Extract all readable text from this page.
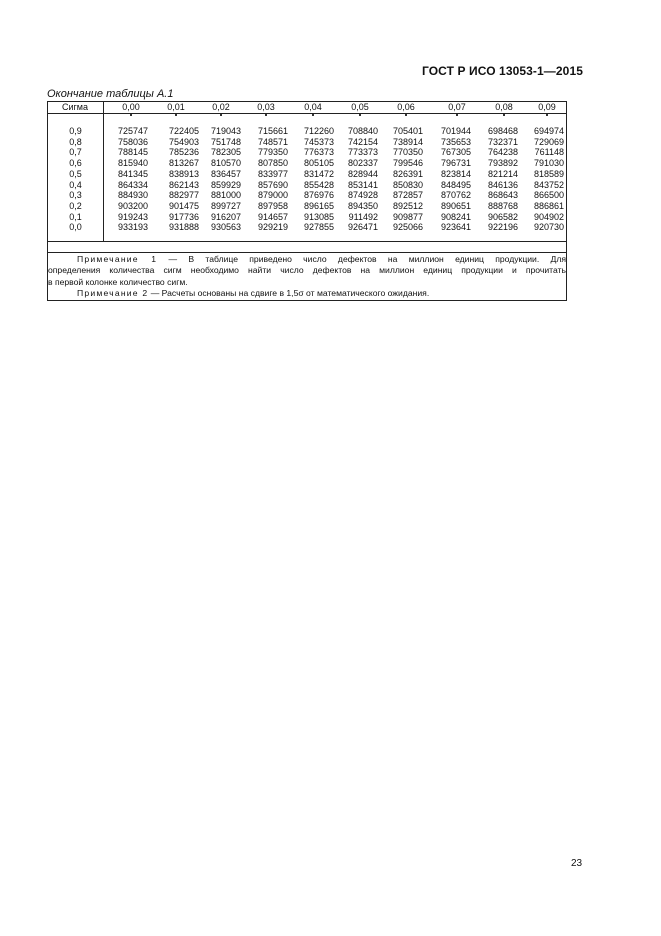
ГОСТ Р ИСО 13053-1—2015
Окончание таблицы А.1
Сигма	0,00	0,01	0,02	0,03	0,04	0,05	0,06	0,07	0,08	0,09
0,9	725747	722405	719043	715661	712260	708840	705401	701944	698468	694974
0,8	758036	754903	751748	748571	745373	742154	738914	735653	732371	729069
0,7	788145	785236	782305	779350	776373	773373	770350	767305	764238	761148
0,6	815940	813267	810570	807850	805105	802337	799546	796731	793892	791030
0,5	841345	838913	836457	833977	831472	828944	826391	823814	821214	818589
0,4	864334	862143	859929	857690	855428	853141	850830	848495	846136	843752
0,3	884930	882977	881000	879000	876976	874928	872857	870762	868643	866500
0,2	903200	901475	899727	897958	896165	894350	892512	890651	888768	886861
0,1	919243	917736	916207	914657	913085	911492	909877	908241	906582	904902
0,0	933193	931888	930563	929219	927855	926471	925066	923641	922196	920730
Примечание 1 — В таблице приведено число дефектов на миллион единиц продукции. Для
определения количества сигм необходимо найти число дефектов на миллион единиц продукции и прочитать
в первой колонке количество сигм.
Примечание 2 — Расчеты основаны на сдвиге в 1,5σ от математического ожидания.
23
